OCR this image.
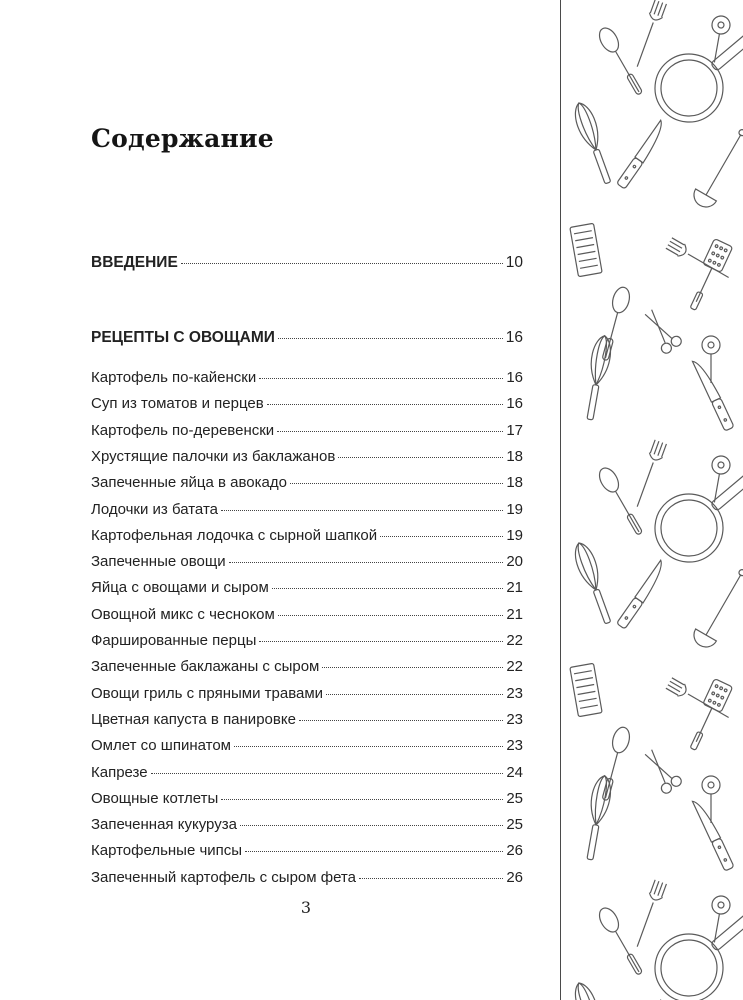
Содержание
ВВЕДЕНИЕ	10
РЕЦЕПТЫ С ОВОЩАМИ	16
Картофель по-кайенски	16
Суп из томатов и перцев	16
Картофель по-деревенски	17
Хрустящие палочки из баклажанов	18
Запеченные яйца в авокадо	18
Лодочки из батата	19
Картофельная лодочка с сырной шапкой	19
Запеченные овощи	20
Яйца с овощами и сыром	21
Овощной микс с чесноком	21
Фаршированные перцы	22
Запеченные баклажаны с сыром	22
Овощи гриль с пряными травами	23
Цветная капуста в панировке	23
Омлет со шпинатом	23
Капрезе	24
Овощные котлеты	25
Запеченная кукуруза	25
Картофельные чипсы	26
Запеченный картофель с сыром фета	26
3
